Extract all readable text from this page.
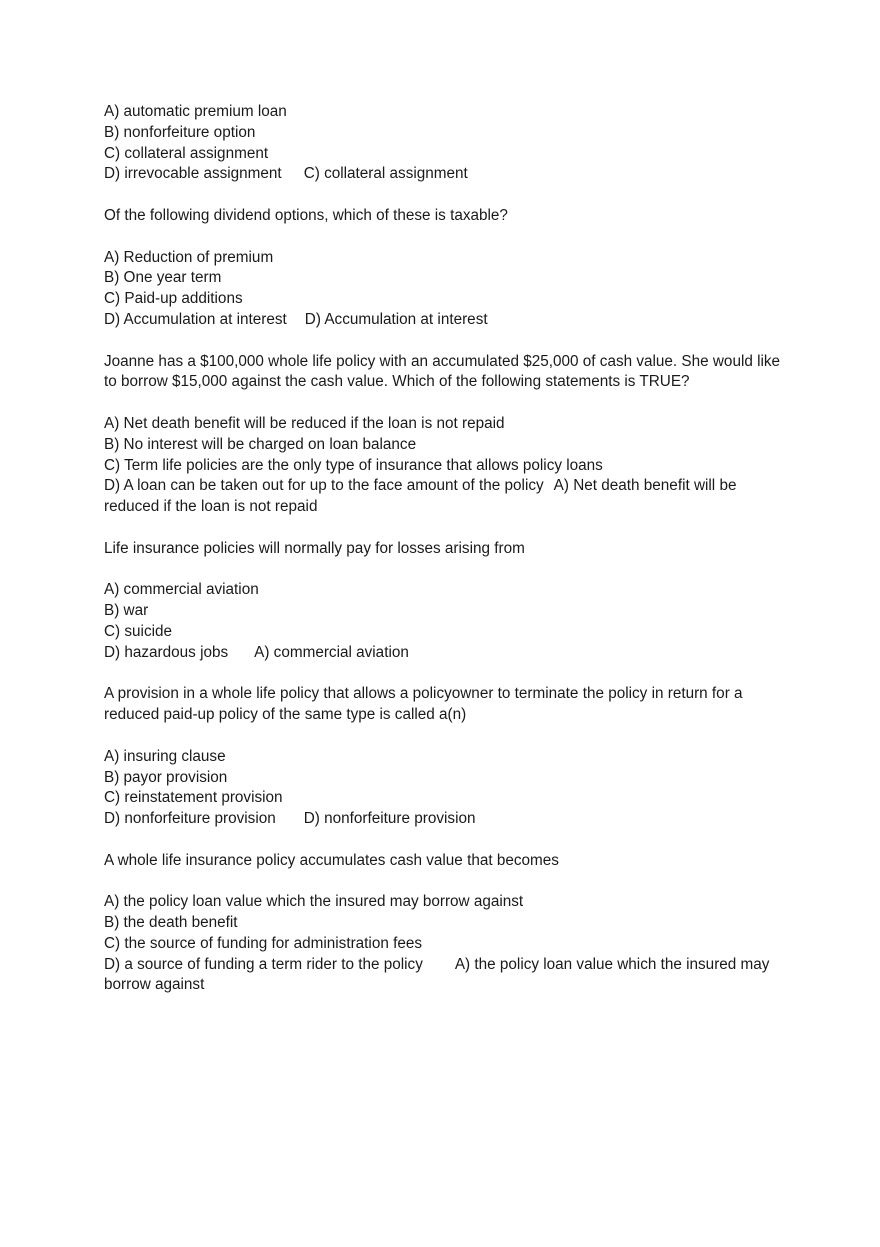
A) automatic premium loan
B) nonforfeiture option
C) collateral assignment
D) irrevocable assignment C) collateral assignment
Of the following dividend options, which of these is taxable?
A) Reduction of premium
B) One year term
C) Paid-up additions
D) Accumulation at interest D) Accumulation at interest
Joanne has a $100,000 whole life policy with an accumulated $25,000 of cash value. She would like to borrow $15,000 against the cash value. Which of the following statements is TRUE?
A) Net death benefit will be reduced if the loan is not repaid
B) No interest will be charged on loan balance
C) Term life policies are the only type of insurance that allows policy loans
D) A loan can be taken out for up to the face amount of the policy A) Net death benefit will be reduced if the loan is not repaid
Life insurance policies will normally pay for losses arising from
A) commercial aviation
B) war
C) suicide
D) hazardous jobs A) commercial aviation
A provision in a whole life policy that allows a policyowner to terminate the policy in return for a reduced paid-up policy of the same type is called a(n)
A) insuring clause
B) payor provision
C) reinstatement provision
D) nonforfeiture provision D) nonforfeiture provision
A whole life insurance policy accumulates cash value that becomes
A) the policy loan value which the insured may borrow against
B) the death benefit
C) the source of funding for administration fees
D) a source of funding a term rider to the policy A) the policy loan value which the insured may borrow against
